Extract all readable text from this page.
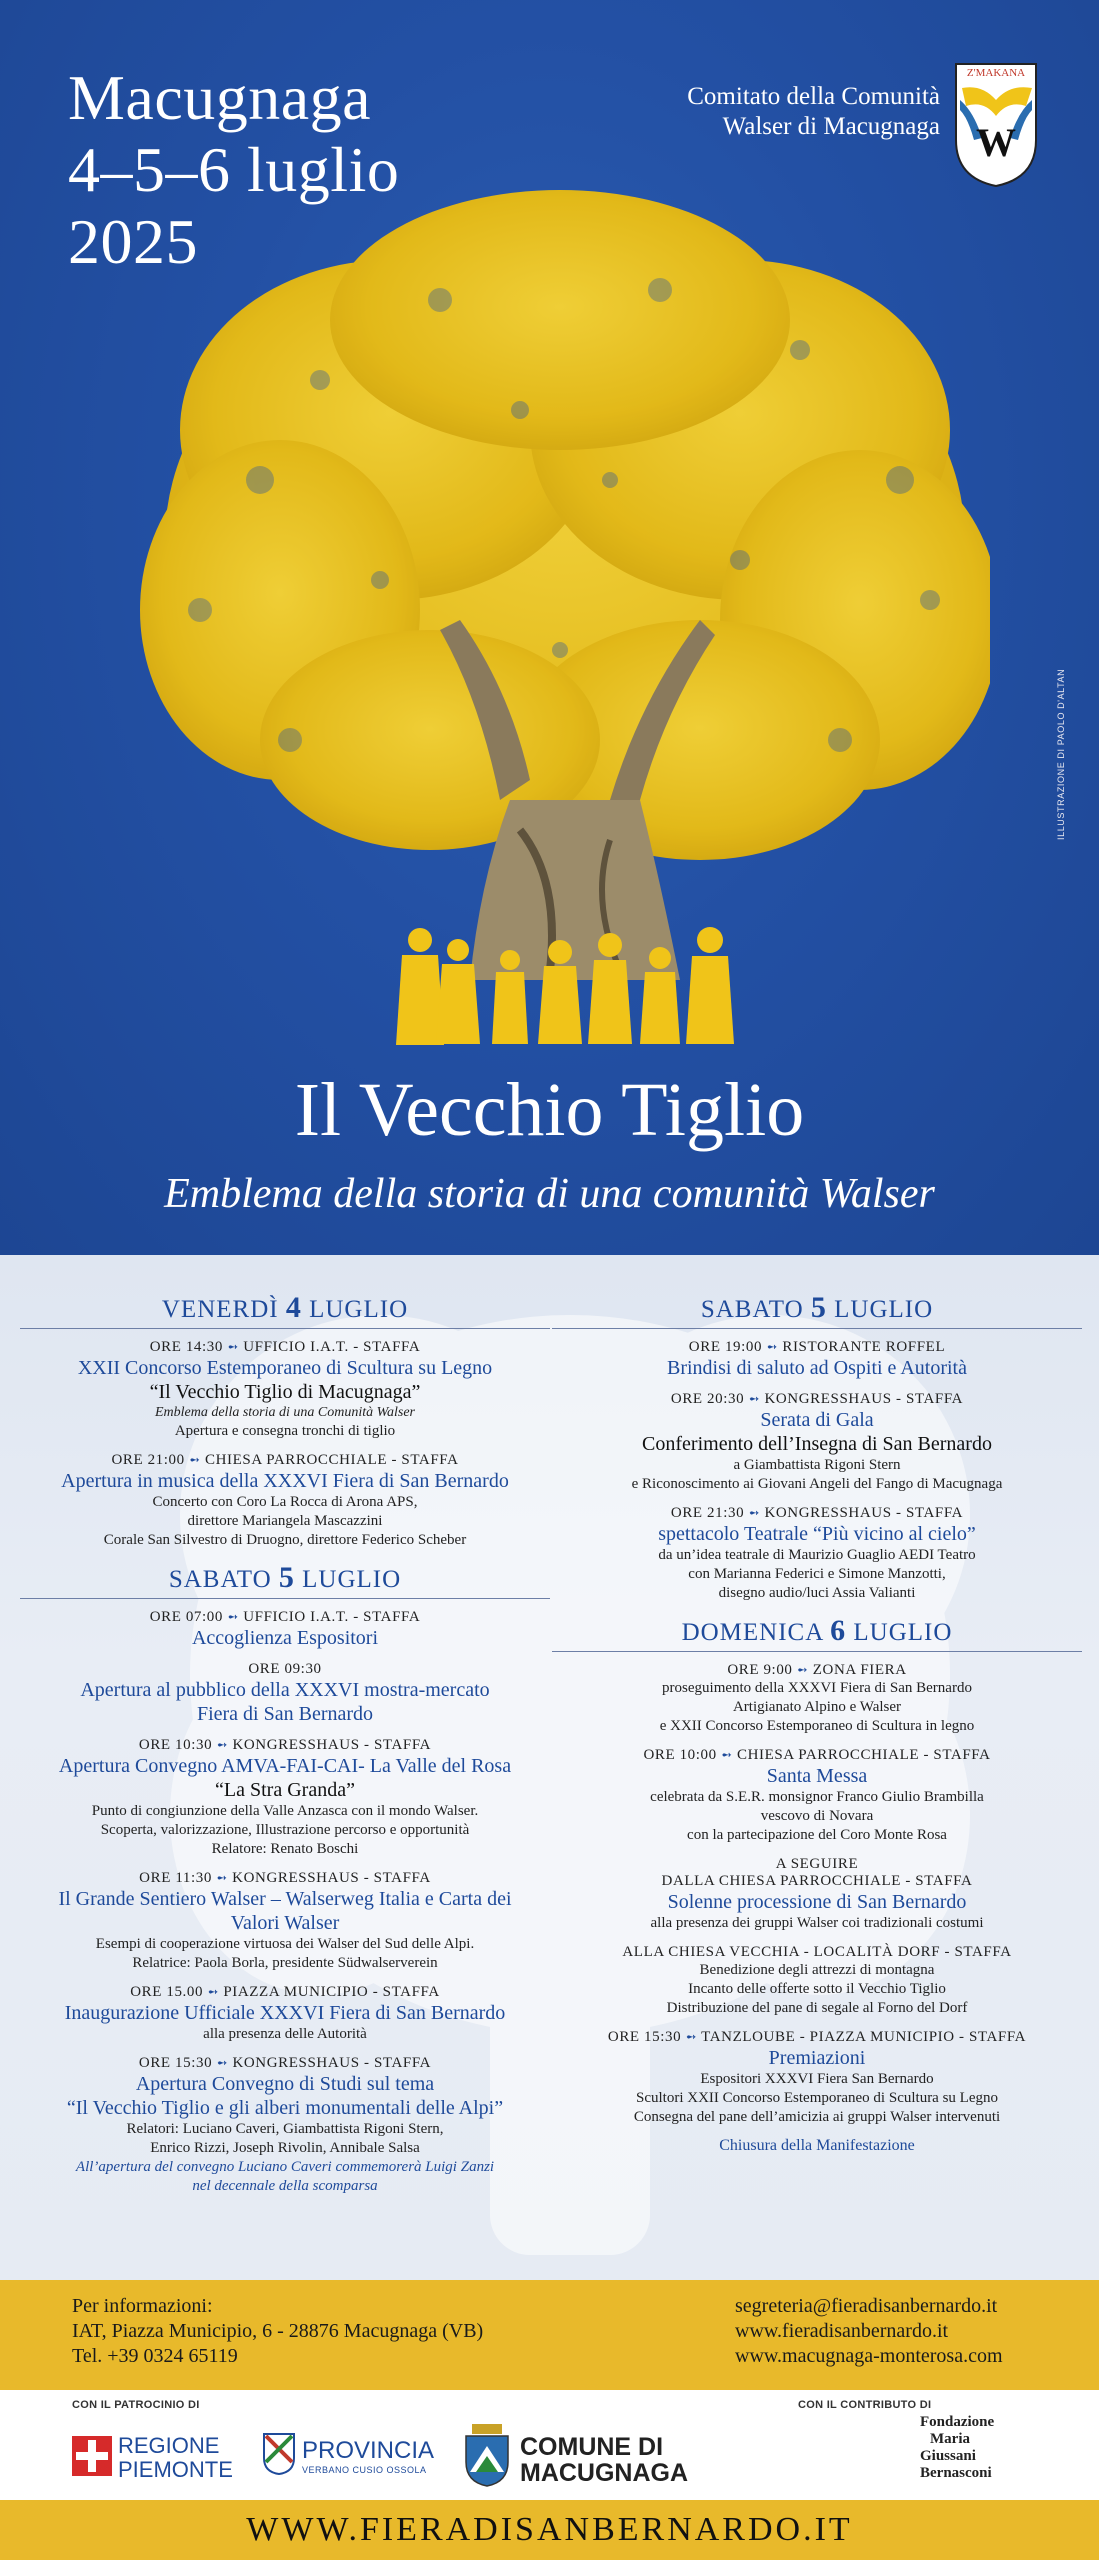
Macugnaga
4–5–6 luglio
2025
Comitato della Comunità
Walser di Macugnaga
Z'MAKANA
W
ILLUSTRAZIONE DI PAOLO D'ALTAN
Il Vecchio Tiglio
Emblema della storia di una comunità Walser
VENERDÌ 4 LUGLIO
ORE 14:30 ➻ UFFICIO I.A.T. - STAFFA
XXII Concorso Estemporaneo di Scultura su Legno
“Il Vecchio Tiglio di Macugnaga”
Emblema della storia di una Comunità Walser
Apertura e consegna tronchi di tiglio
ORE 21:00 ➻ CHIESA PARROCCHIALE - STAFFA
Apertura in musica della XXXVI Fiera di San Bernardo
Concerto con Coro La Rocca di Arona APS,
direttore Mariangela Mascazzini
Corale San Silvestro di Druogno, direttore Federico Scheber
SABATO 5 LUGLIO
ORE 07:00 ➻ UFFICIO I.A.T. - STAFFA
Accoglienza Espositori
ORE 09:30
Apertura al pubblico della XXXVI mostra-mercato
Fiera di San Bernardo
ORE 10:30 ➻ KONGRESSHAUS - STAFFA
Apertura Convegno AMVA-FAI-CAI- La Valle del Rosa
“La Stra Granda”
Punto di congiunzione della Valle Anzasca con il mondo Walser.
Scoperta, valorizzazione, Illustrazione percorso e opportunità
Relatore: Renato Boschi
ORE 11:30 ➻ KONGRESSHAUS - STAFFA
Il Grande Sentiero Walser – Walserweg Italia e Carta dei
Valori Walser
Esempi di cooperazione virtuosa dei Walser del Sud delle Alpi.
Relatrice: Paola Borla, presidente Südwalserverein
ORE 15.00 ➻ PIAZZA MUNICIPIO - STAFFA
Inaugurazione Ufficiale XXXVI Fiera di San Bernardo
alla presenza delle Autorità
ORE 15:30 ➻ KONGRESSHAUS - STAFFA
Apertura Convegno di Studi sul tema
“Il Vecchio Tiglio e gli alberi monumentali delle Alpi”
Relatori: Luciano Caveri, Giambattista Rigoni Stern,
Enrico Rizzi, Joseph Rivolin, Annibale Salsa
All’apertura del convegno Luciano Caveri commemorerà Luigi Zanzi
nel decennale della scomparsa
SABATO 5 LUGLIO
ORE 19:00 ➻ RISTORANTE ROFFEL
Brindisi di saluto ad Ospiti e Autorità
ORE 20:30 ➻ KONGRESSHAUS - STAFFA
Serata di Gala
Conferimento dell’Insegna di San Bernardo
a Giambattista Rigoni Stern
e Riconoscimento ai Giovani Angeli del Fango di Macugnaga
ORE 21:30 ➻ KONGRESSHAUS - STAFFA
spettacolo Teatrale “Più vicino al cielo”
da un’idea teatrale di Maurizio Guaglio AEDI Teatro
con Marianna Federici e Simone Manzotti,
disegno audio/luci Assia Valianti
DOMENICA 6 LUGLIO
ORE 9:00 ➻ ZONA FIERA
proseguimento della XXXVI Fiera di San Bernardo
Artigianato Alpino e Walser
e XXII Concorso Estemporaneo di Scultura in legno
ORE 10:00 ➻ CHIESA PARROCCHIALE - STAFFA
Santa Messa
celebrata da S.E.R. monsignor Franco Giulio Brambilla
vescovo di Novara
con la partecipazione del Coro Monte Rosa
A SEGUIRE
DALLA CHIESA PARROCCHIALE - STAFFA
Solenne processione di San Bernardo
alla presenza dei gruppi Walser coi tradizionali costumi
ALLA CHIESA VECCHIA - LOCALITÀ DORF - STAFFA
Benedizione degli attrezzi di montagna
Incanto delle offerte sotto il Vecchio Tiglio
Distribuzione del pane di segale al Forno del Dorf
ORE 15:30 ➻ TANZLOUBE - PIAZZA MUNICIPIO - STAFFA
Premiazioni
Espositori XXXVI Fiera San Bernardo
Scultori XXII Concorso Estemporaneo di Scultura su Legno
Consegna del pane dell’amicizia ai gruppi Walser intervenuti
Chiusura della Manifestazione
Per informazioni:
IAT, Piazza Municipio, 6 - 28876 Macugnaga (VB)
Tel. +39 0324 65119
segreteria@fieradisanbernardo.it
www.fieradisanbernardo.it
www.macugnaga-monterosa.com
CON IL PATROCINIO DI	CON IL CONTRIBUTO DI
REGIONE
PIEMONTE
PROVINCIA
VERBANO CUSIO OSSOLA
COMUNE DI
MACUGNAGA
Fondazione
Maria
Giussani
Bernasconi
WWW.FIERADISANBERNARDO.IT
